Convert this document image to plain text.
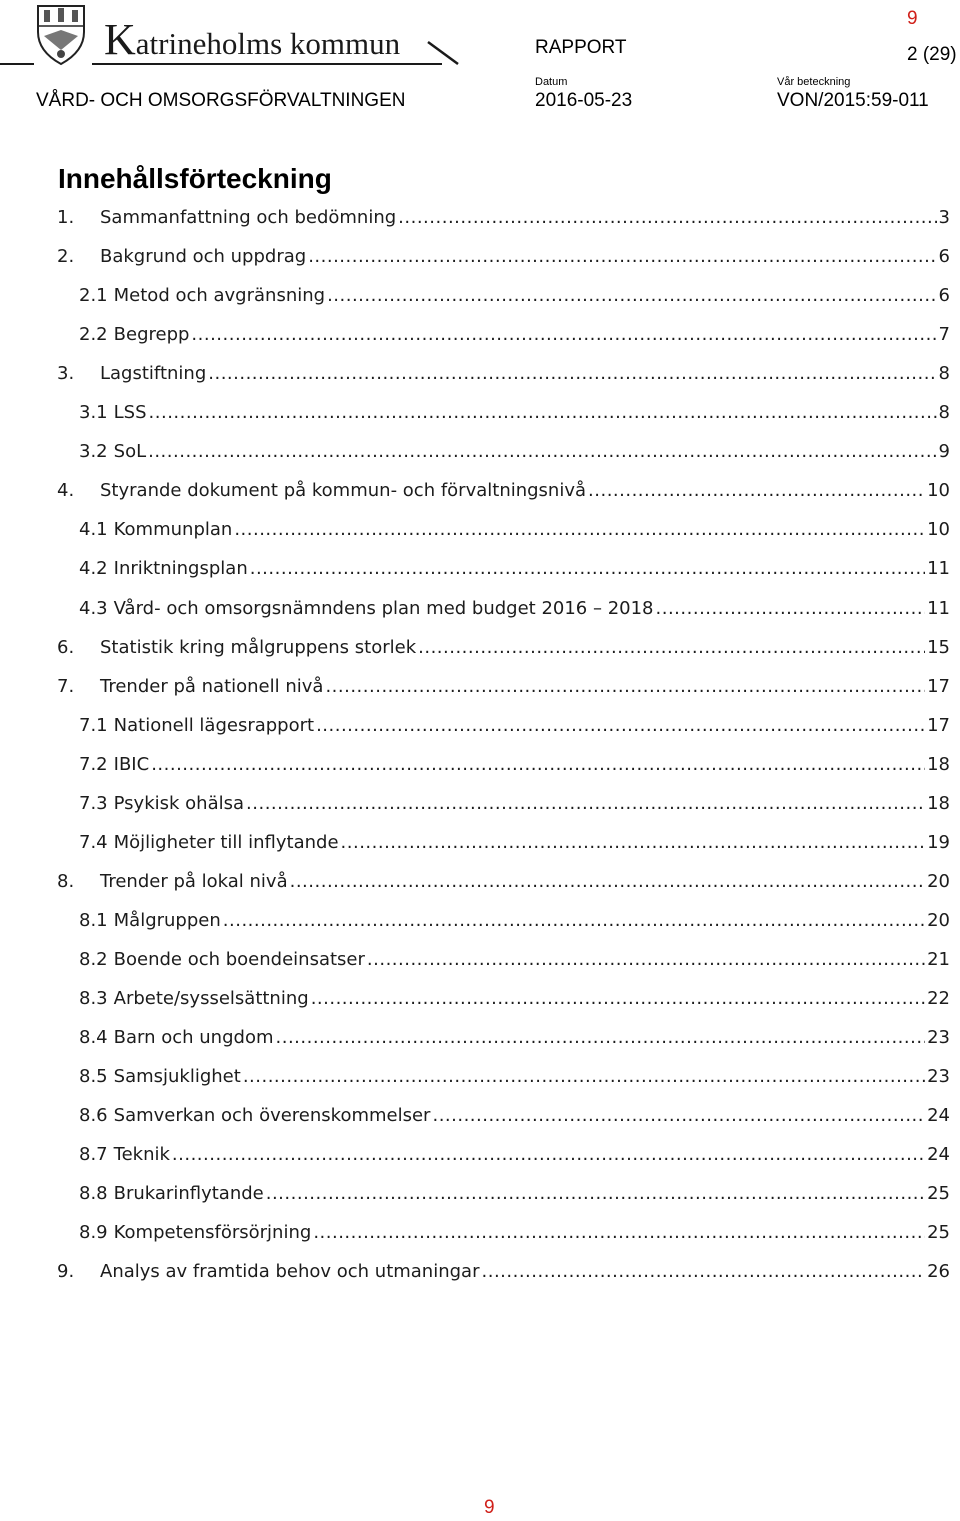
Katrineholms kommun	RAPPORT
9
2 (29)
Datum	Vår beteckning
VÅRD- OCH OMSORGSFÖRVALTNINGEN	2016-05-23	VON/2015:59-011
Innehållsförteckning
1.	Sammanfattning och bedömning .....	3
2.	Bakgrund och uppdrag .....	6
2.1 Metod och avgränsning .....	6
2.2 Begrepp .....	7
3.	Lagstiftning .....	8
3.1 LSS .....	8
3.2 SoL .....	9
4.	Styrande dokument på kommun- och förvaltningsnivå .....	10
4.1 Kommunplan .....	10
4.2 Inriktningsplan .....	11
4.3 Vård- och omsorgsnämndens plan med budget 2016 – 2018 .....	11
6.	Statistik kring målgruppens storlek .....	15
7.	Trender på nationell nivå .....	17
7.1 Nationell lägesrapport .....	17
7.2 IBIC .....	18
7.3 Psykisk ohälsa .....	18
7.4 Möjligheter till inflytande .....	19
8.	Trender på lokal nivå .....	20
8.1 Målgruppen .....	20
8.2 Boende och boendeinsatser .....	21
8.3 Arbete/sysselsättning .....	22
8.4 Barn och ungdom .....	23
8.5 Samsjuklighet .....	23
8.6 Samverkan och överenskommelser .....	24
8.7 Teknik .....	24
8.8 Brukarinflytande .....	25
8.9 Kompetensförsörjning .....	25
9.	Analys av framtida behov och utmaningar .....	26
9
